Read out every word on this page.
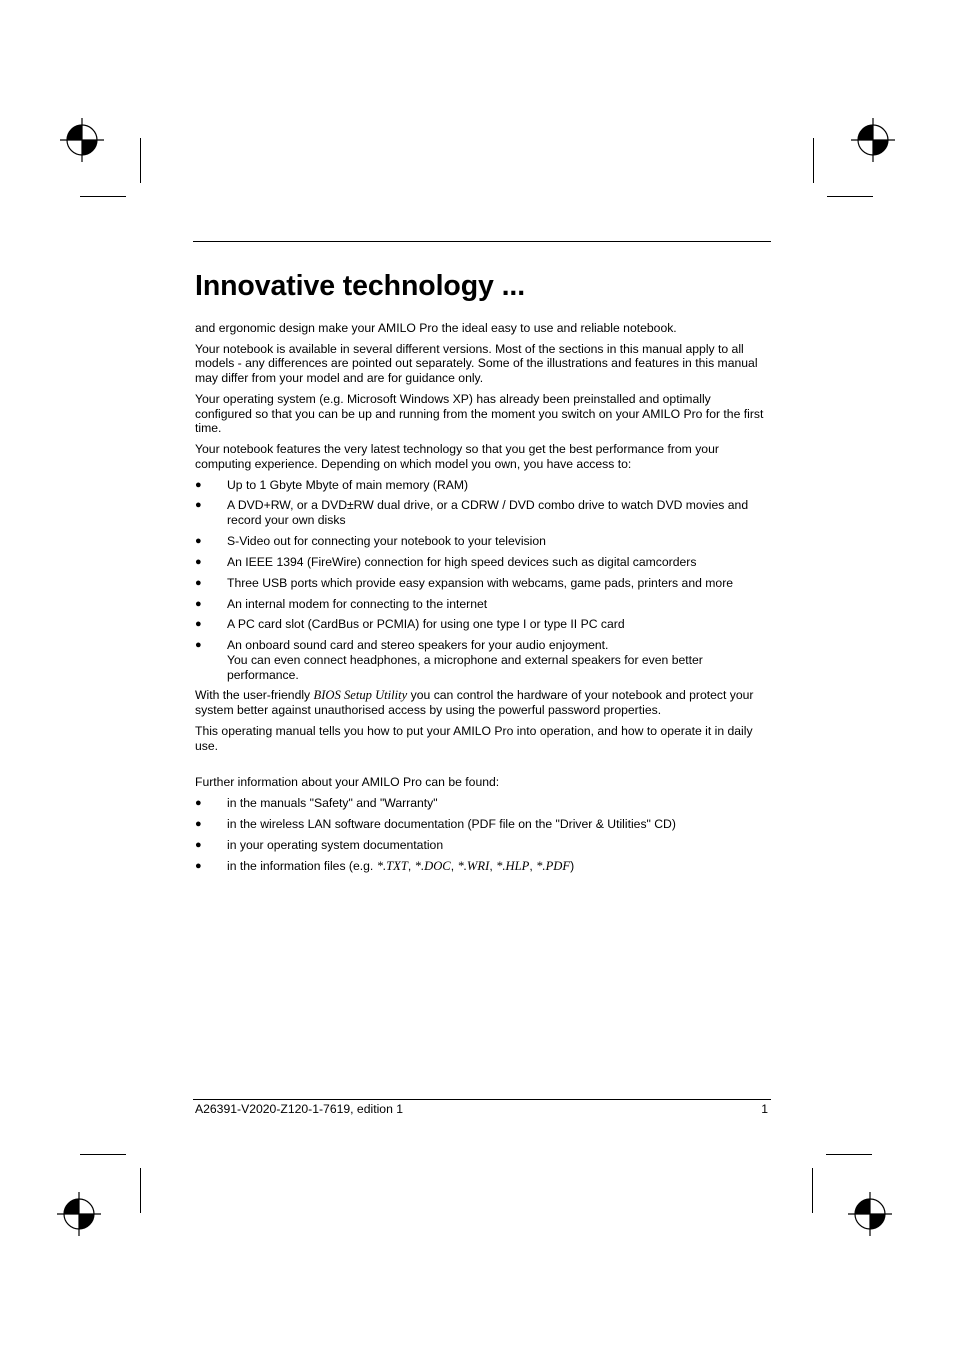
Innovative technology ...

and ergonomic design make your AMILO Pro the ideal easy to use and reliable notebook.

Your notebook is available in several different versions. Most of the sections in this manual apply to all models - any differences are pointed out separately. Some of the illustrations and features in this manual may differ from your model and are for guidance only.

Your operating system (e.g. Microsoft Windows XP) has already been preinstalled and optimally configured so that you can be up and running from the moment you switch on your AMILO Pro for the first time.

Your notebook features the very latest technology so that you get the best performance from your computing experience. Depending on which model you own, you have access to:

● Up to 1 Gbyte Mbyte of main memory (RAM)
● A DVD+RW, or a DVD±RW dual drive, or a CDRW / DVD combo drive to watch DVD movies and record your own disks
● S-Video out for connecting your notebook to your television
● An IEEE 1394 (FireWire) connection for high speed devices such as digital camcorders
● Three USB ports which provide easy expansion with webcams, game pads, printers and more
● An internal modem for connecting to the internet
● A PC card slot (CardBus or PCMIA) for using one type I or type II PC card
● An onboard sound card and stereo speakers for your audio enjoyment.
You can even connect headphones, a microphone and external speakers for even better performance.

With the user-friendly BIOS Setup Utility you can control the hardware of your notebook and protect your system better against unauthorised access by using the powerful password properties.

This operating manual tells you how to put your AMILO Pro into operation, and how to operate it in daily use.

Further information about your AMILO Pro can be found:

● in the manuals "Safety" and "Warranty"
● in the wireless LAN software documentation (PDF file on the "Driver & Utilities" CD)
● in your operating system documentation
● in the information files (e.g. *.TXT, *.DOC, *.WRI, *.HLP, *.PDF)
A26391-V2020-Z120-1-7619, edition 1	1
